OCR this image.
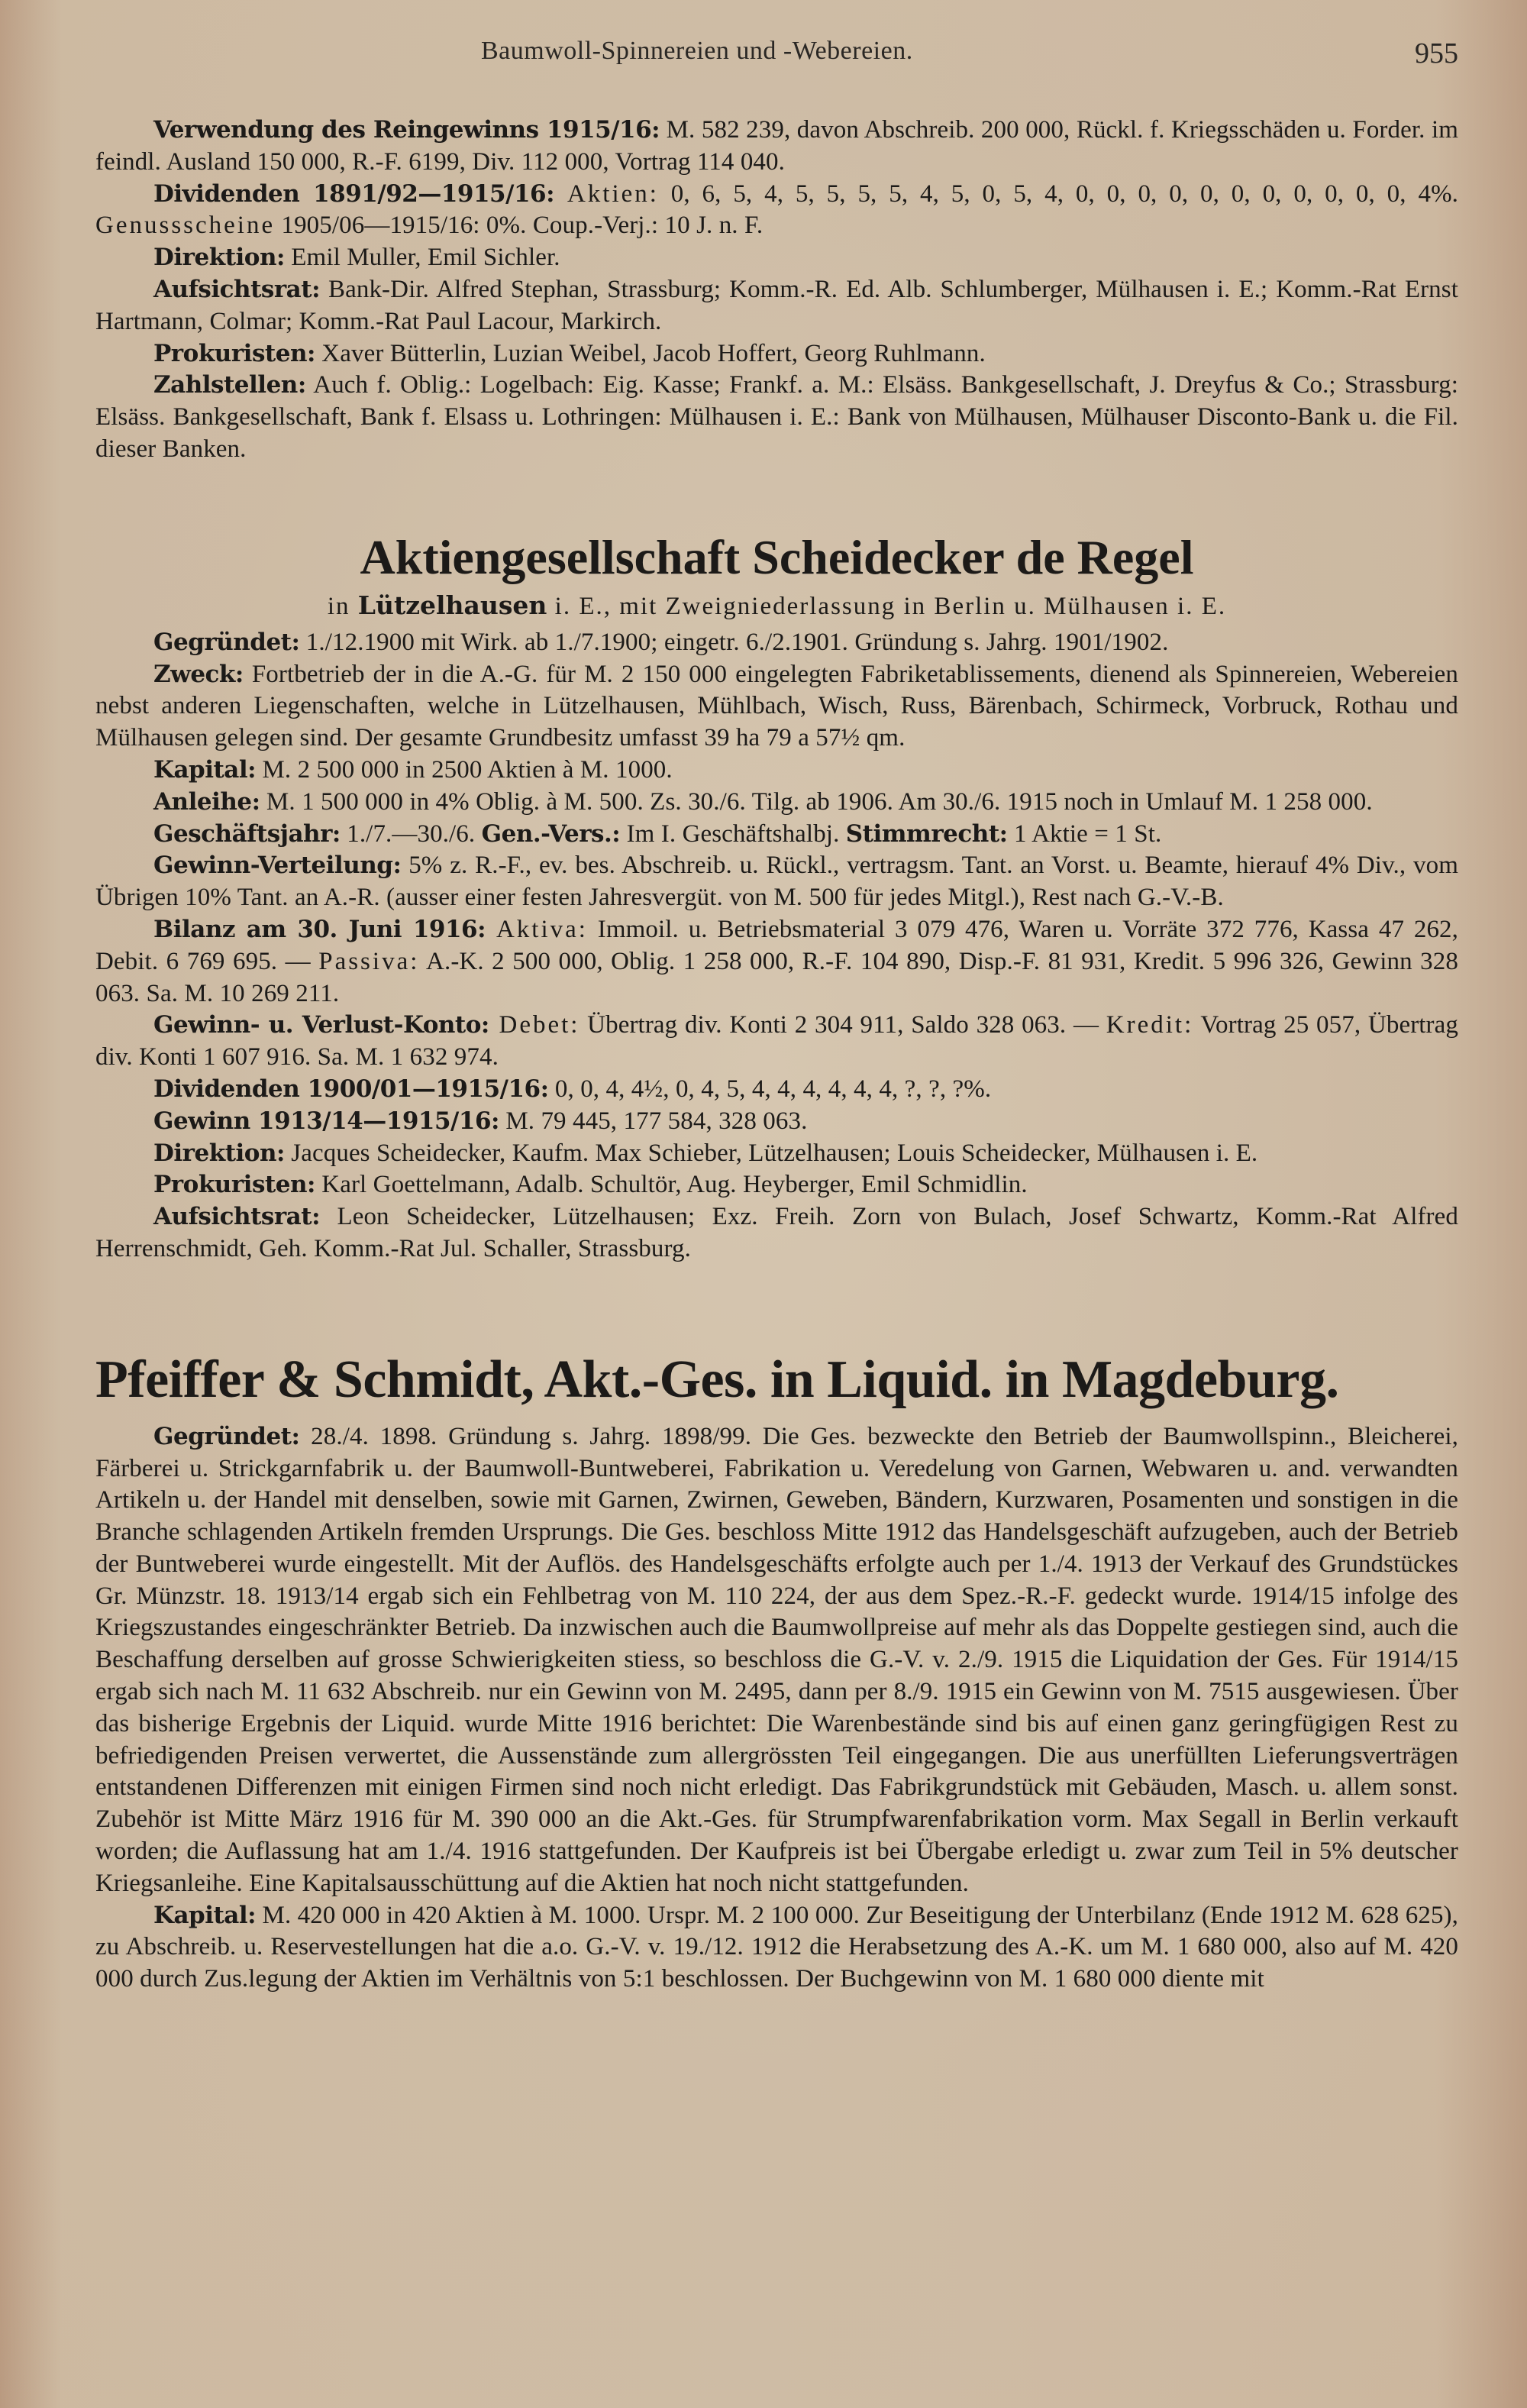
Baumwoll-Spinnereien und -Webereien.	955

Verwendung des Reingewinns 1915/16: M. 582 239, davon Abschreib. 200 000, Rückl. f. Kriegsschäden u. Forder. im feindl. Ausland 150 000, R.-F. 6199, Div. 112 000, Vortrag 114 040.

Dividenden 1891/92—1915/16: Aktien: 0, 6, 5, 4, 5, 5, 5, 5, 4, 5, 0, 5, 4, 0, 0, 0, 0, 0, 0, 0, 0, 0, 0, 0, 4%. Genussscheine 1905/06—1915/16: 0%. Coup.-Verj.: 10 J. n. F.

Direktion: Emil Muller, Emil Sichler.

Aufsichtsrat: Bank-Dir. Alfred Stephan, Strassburg; Komm.-R. Ed. Alb. Schlumberger, Mülhausen i. E.; Komm.-Rat Ernst Hartmann, Colmar; Komm.-Rat Paul Lacour, Markirch.

Prokuristen: Xaver Bütterlin, Luzian Weibel, Jacob Hoffert, Georg Ruhlmann.

Zahlstellen: Auch f. Oblig.: Logelbach: Eig. Kasse; Frankf. a. M.: Elsäss. Bankgesellschaft, J. Dreyfus & Co.; Strassburg: Elsäss. Bankgesellschaft, Bank f. Elsass u. Lothringen: Mülhausen i. E.: Bank von Mülhausen, Mülhauser Disconto-Bank u. die Fil. dieser Banken.

Aktiengesellschaft Scheidecker de Regel
in Lützelhausen i. E., mit Zweigniederlassung in Berlin u. Mülhausen i. E.

Gegründet: 1./12.1900 mit Wirk. ab 1./7.1900; eingetr. 6./2.1901. Gründung s. Jahrg. 1901/1902.

Zweck: Fortbetrieb der in die A.-G. für M. 2 150 000 eingelegten Fabriketablissements, dienend als Spinnereien, Webereien nebst anderen Liegenschaften, welche in Lützelhausen, Mühlbach, Wisch, Russ, Bärenbach, Schirmeck, Vorbruck, Rothau und Mülhausen gelegen sind. Der gesamte Grundbesitz umfasst 39 ha 79 a 57½ qm.

Kapital: M. 2 500 000 in 2500 Aktien à M. 1000.

Anleihe: M. 1 500 000 in 4% Oblig. à M. 500. Zs. 30./6. Tilg. ab 1906. Am 30./6. 1915 noch in Umlauf M. 1 258 000.

Geschäftsjahr: 1./7.—30./6. Gen.-Vers.: Im I. Geschäftshalbj. Stimmrecht: 1 Aktie = 1 St.

Gewinn-Verteilung: 5% z. R.-F., ev. bes. Abschreib. u. Rückl., vertragsm. Tant. an Vorst. u. Beamte, hierauf 4% Div., vom Übrigen 10% Tant. an A.-R. (ausser einer festen Jahresvergüt. von M. 500 für jedes Mitgl.), Rest nach G.-V.-B.

Bilanz am 30. Juni 1916: Aktiva: Immoil. u. Betriebsmaterial 3 079 476, Waren u. Vorräte 372 776, Kassa 47 262, Debit. 6 769 695. — Passiva: A.-K. 2 500 000, Oblig. 1 258 000, R.-F. 104 890, Disp.-F. 81 931, Kredit. 5 996 326, Gewinn 328 063. Sa. M. 10 269 211.

Gewinn- u. Verlust-Konto: Debet: Übertrag div. Konti 2 304 911, Saldo 328 063. — Kredit: Vortrag 25 057, Übertrag div. Konti 1 607 916. Sa. M. 1 632 974.

Dividenden 1900/01—1915/16: 0, 0, 4, 4½, 0, 4, 5, 4, 4, 4, 4, 4, 4, ?, ?, ?%.

Gewinn 1913/14—1915/16: M. 79 445, 177 584, 328 063.

Direktion: Jacques Scheidecker, Kaufm. Max Schieber, Lützelhausen; Louis Scheidecker, Mülhausen i. E.

Prokuristen: Karl Goettelmann, Adalb. Schultör, Aug. Heyberger, Emil Schmidlin.

Aufsichtsrat: Leon Scheidecker, Lützelhausen; Exz. Freih. Zorn von Bulach, Josef Schwartz, Komm.-Rat Alfred Herrenschmidt, Geh. Komm.-Rat Jul. Schaller, Strassburg.

Pfeiffer & Schmidt, Akt.-Ges. in Liquid. in Magdeburg.

Gegründet: 28./4. 1898. Gründung s. Jahrg. 1898/99. Die Ges. bezweckte den Betrieb der Baumwollspinn., Bleicherei, Färberei u. Strickgarnfabrik u. der Baumwoll-Buntweberei, Fabrikation u. Veredelung von Garnen, Webwaren u. and. verwandten Artikeln u. der Handel mit denselben, sowie mit Garnen, Zwirnen, Geweben, Bändern, Kurzwaren, Posamenten und sonstigen in die Branche schlagenden Artikeln fremden Ursprungs. Die Ges. beschloss Mitte 1912 das Handelsgeschäft aufzugeben, auch der Betrieb der Buntweberei wurde eingestellt. Mit der Auflös. des Handelsgeschäfts erfolgte auch per 1./4. 1913 der Verkauf des Grundstückes Gr. Münzstr. 18. 1913/14 ergab sich ein Fehlbetrag von M. 110 224, der aus dem Spez.-R.-F. gedeckt wurde. 1914/15 infolge des Kriegszustandes eingeschränkter Betrieb. Da inzwischen auch die Baumwollpreise auf mehr als das Doppelte gestiegen sind, auch die Beschaffung derselben auf grosse Schwierigkeiten stiess, so beschloss die G.-V. v. 2./9. 1915 die Liquidation der Ges. Für 1914/15 ergab sich nach M. 11 632 Abschreib. nur ein Gewinn von M. 2495, dann per 8./9. 1915 ein Gewinn von M. 7515 ausgewiesen. Über das bisherige Ergebnis der Liquid. wurde Mitte 1916 berichtet: Die Warenbestände sind bis auf einen ganz geringfügigen Rest zu befriedigenden Preisen verwertet, die Aussenstände zum allergrössten Teil eingegangen. Die aus unerfüllten Lieferungsverträgen entstandenen Differenzen mit einigen Firmen sind noch nicht erledigt. Das Fabrikgrundstück mit Gebäuden, Masch. u. allem sonst. Zubehör ist Mitte März 1916 für M. 390 000 an die Akt.-Ges. für Strumpfwarenfabrikation vorm. Max Segall in Berlin verkauft worden; die Auflassung hat am 1./4. 1916 stattgefunden. Der Kaufpreis ist bei Übergabe erledigt u. zwar zum Teil in 5% deutscher Kriegsanleihe. Eine Kapitalsausschüttung auf die Aktien hat noch nicht stattgefunden.

Kapital: M. 420 000 in 420 Aktien à M. 1000. Urspr. M. 2 100 000. Zur Beseitigung der Unterbilanz (Ende 1912 M. 628 625), zu Abschreib. u. Reservestellungen hat die a.o. G.-V. v. 19./12. 1912 die Herabsetzung des A.-K. um M. 1 680 000, also auf M. 420 000 durch Zus.legung der Aktien im Verhältnis von 5:1 beschlossen. Der Buchgewinn von M. 1 680 000 diente mit
